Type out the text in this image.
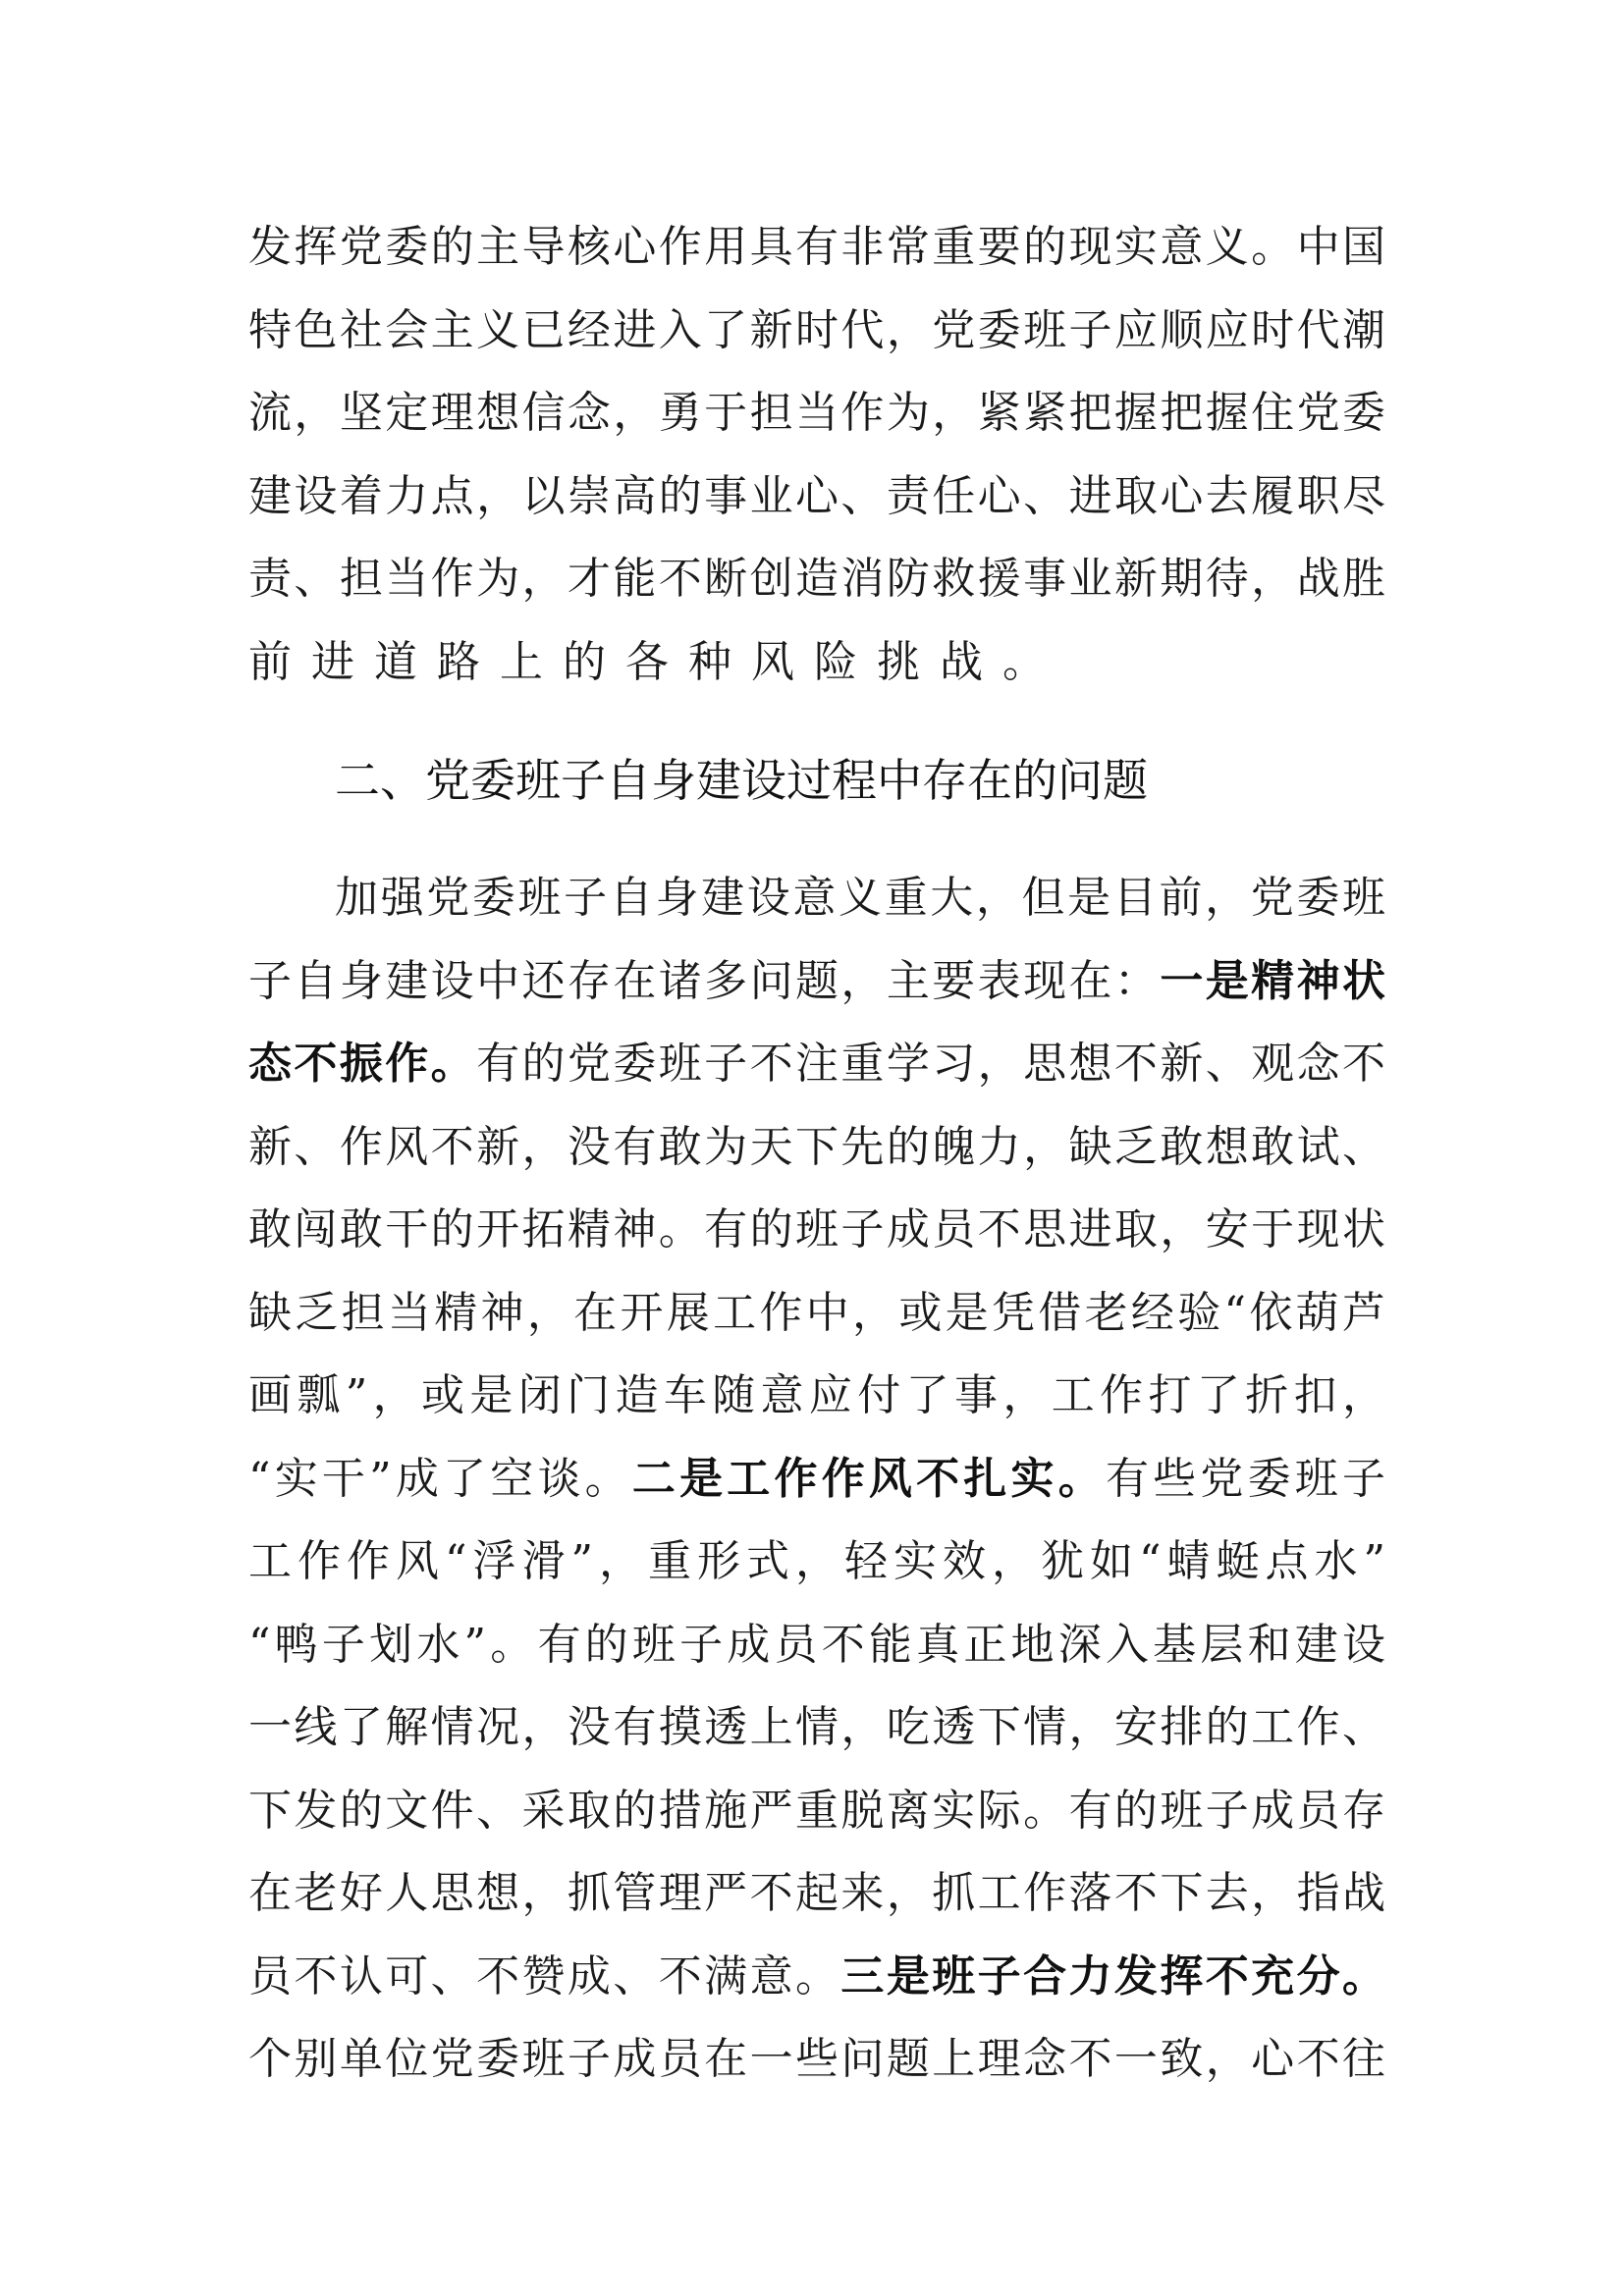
发挥党委的主导核心作用具有非常重要的现实意义。中国
特色社会主义已经进入了新时代，党委班子应顺应时代潮
流，坚定理想信念，勇于担当作为，紧紧把握把握住党委
建设着力点，以崇高的事业心、责任心、进取心去履职尽
责、担当作为，才能不断创造消防救援事业新期待，战胜
前进道路上的各种风险挑战。
二、党委班子自身建设过程中存在的问题
加强党委班子自身建设意义重大，但是目前，党委班
子自身建设中还存在诸多问题，主要表现在：一是精神状
态不振作。有的党委班子不注重学习，思想不新、观念不
新、作风不新，没有敢为天下先的魄力，缺乏敢想敢试、
敢闯敢干的开拓精神。有的班子成员不思进取，安于现状
缺乏担当精神，在开展工作中，或是凭借老经验“依葫芦
画瓢”，或是闭门造车随意应付了事，工作打了折扣，
“实干”成了空谈。二是工作作风不扎实。有些党委班子
工作作风“浮滑”，重形式，轻实效，犹如“蜻蜓点水”
“鸭子划水”。有的班子成员不能真正地深入基层和建设
一线了解情况，没有摸透上情，吃透下情，安排的工作、
下发的文件、采取的措施严重脱离实际。有的班子成员存
在老好人思想，抓管理严不起来，抓工作落不下去，指战
员不认可、不赞成、不满意。三是班子合力发挥不充分。
个别单位党委班子成员在一些问题上理念不一致，心不往
